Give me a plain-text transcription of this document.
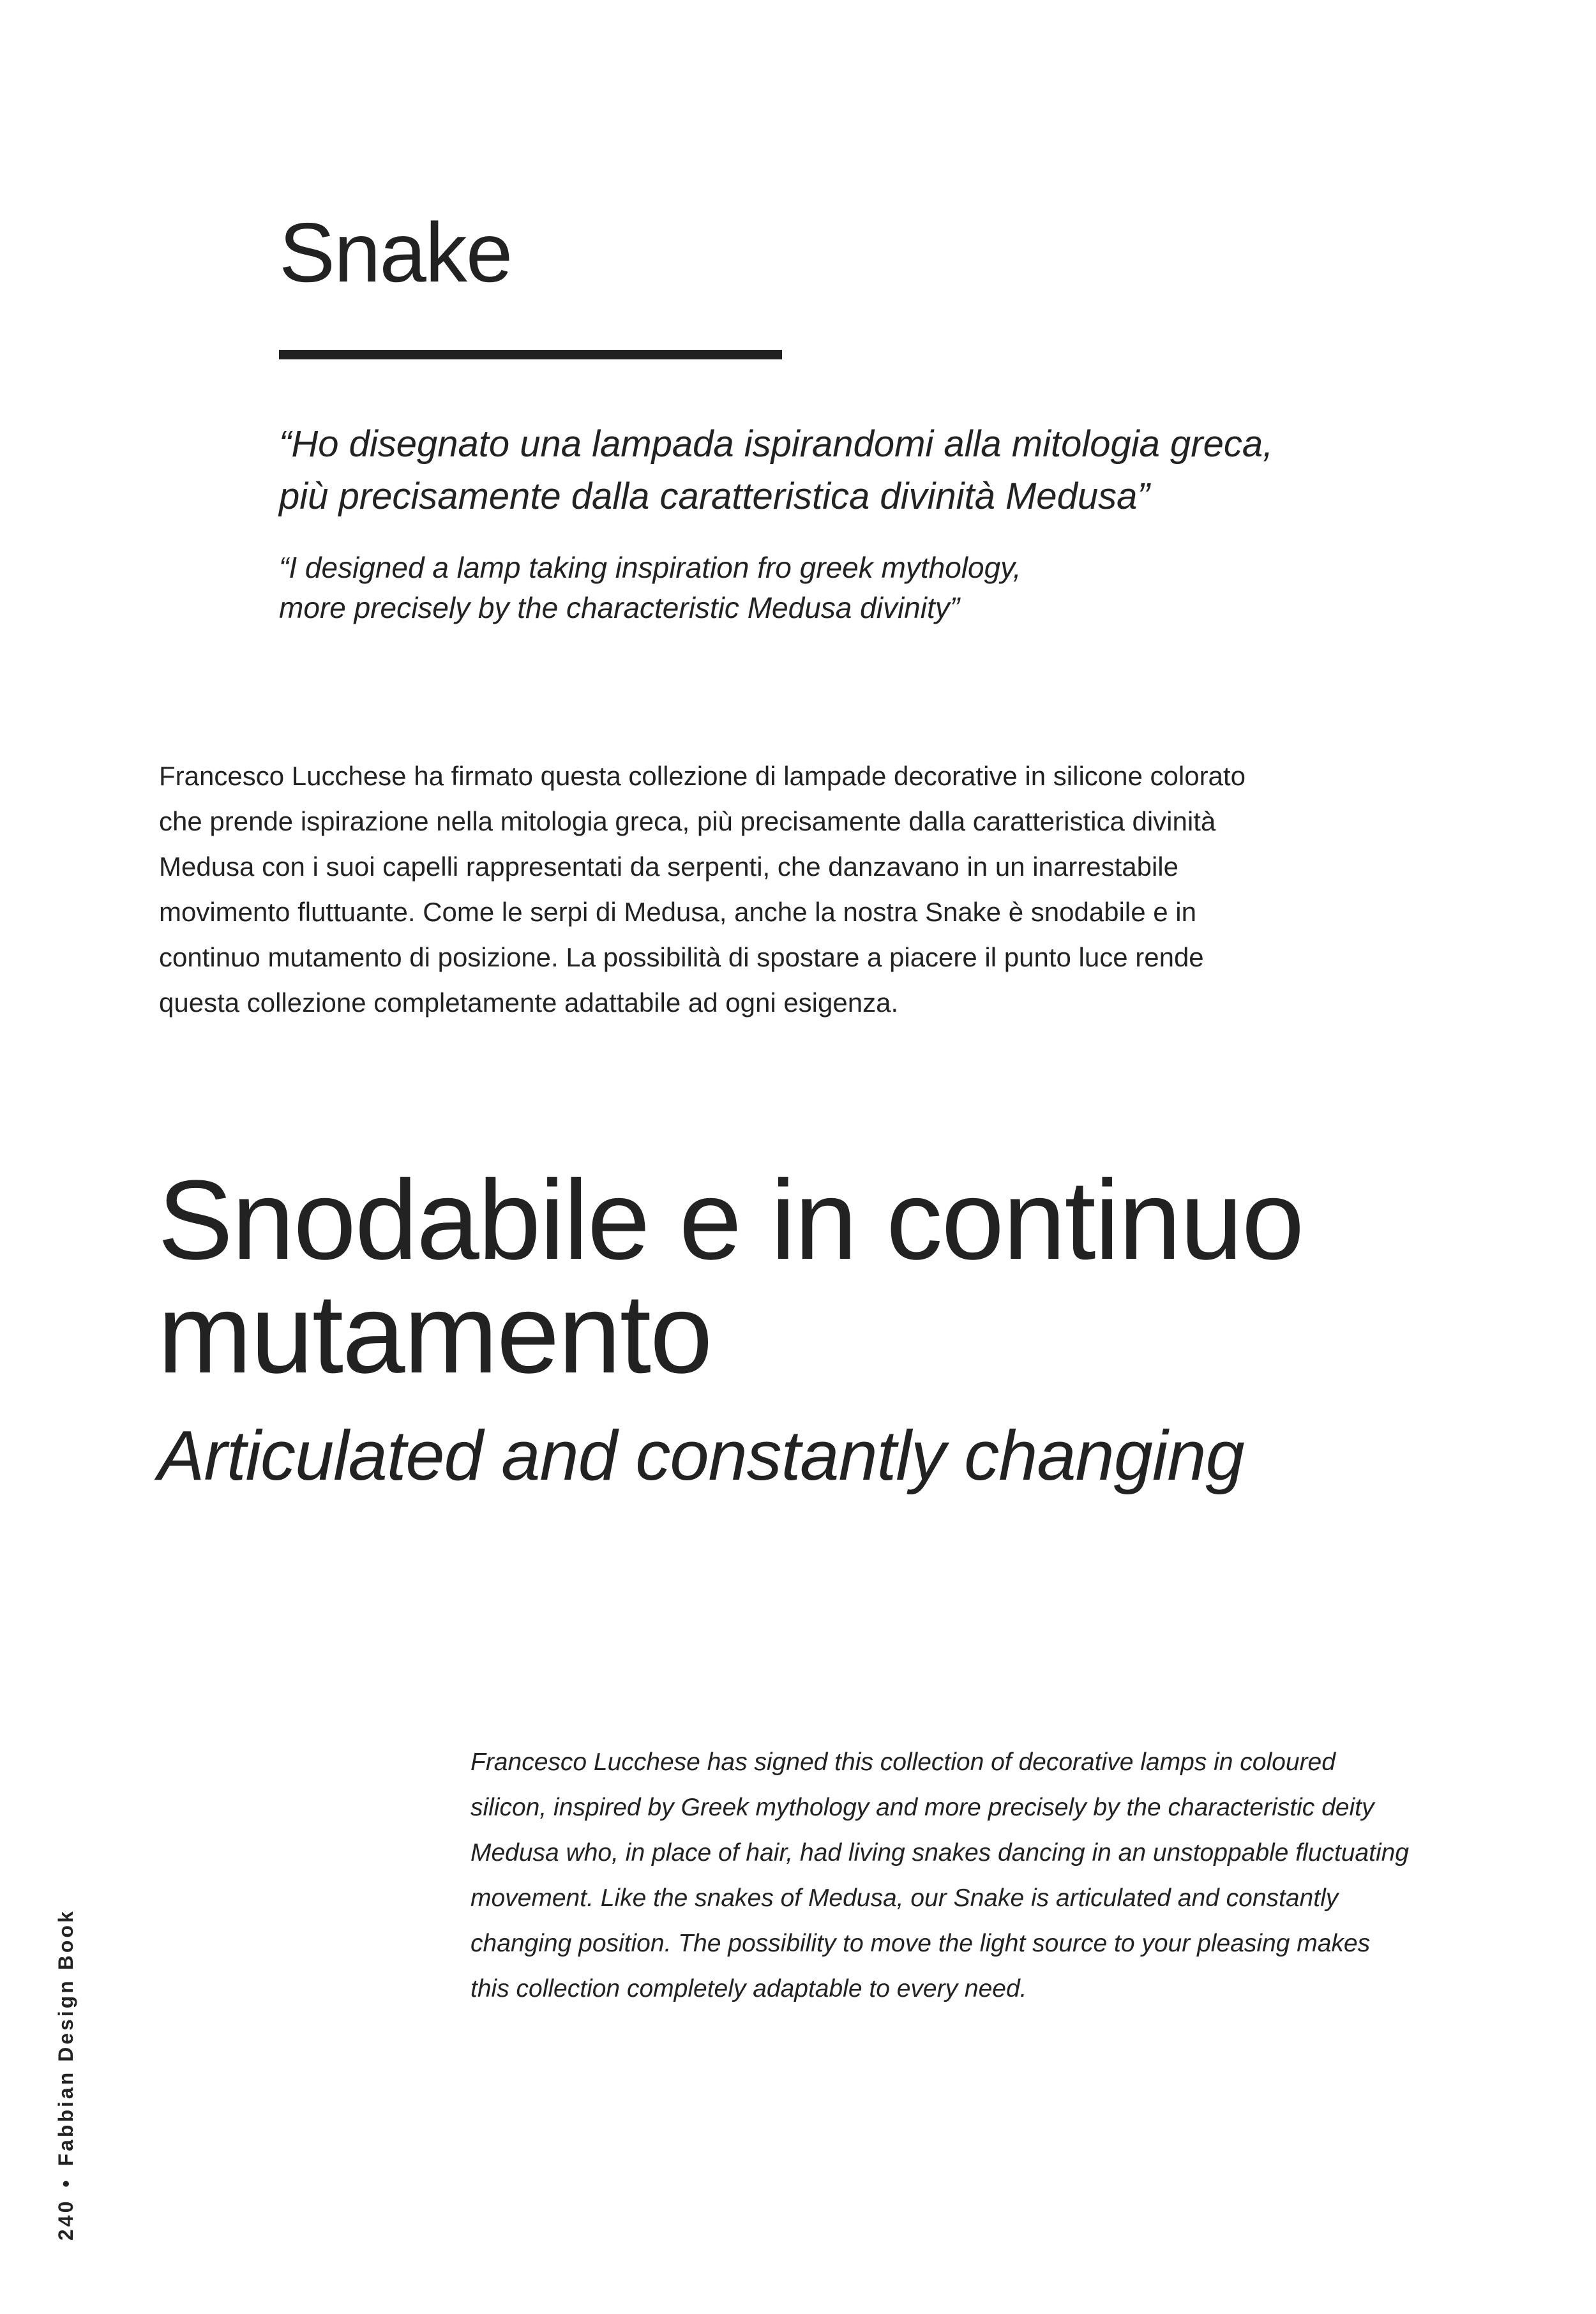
Snake
“Ho disegnato una lampada ispirandomi alla mitologia greca,
più precisamente dalla caratteristica divinità Medusa”
“I designed a lamp taking inspiration fro greek mythology,
more precisely by the characteristic Medusa divinity”
Francesco Lucchese ha firmato questa collezione di lampade decorative in silicone colorato
che prende ispirazione nella mitologia greca, più precisamente dalla caratteristica divinità
Medusa con i suoi capelli rappresentati da serpenti, che danzavano in un inarrestabile
movimento fluttuante. Come le serpi di Medusa, anche la nostra Snake è snodabile e in
continuo mutamento di posizione. La possibilità di spostare a piacere il punto luce rende
questa collezione completamente adattabile ad ogni esigenza.
Snodabile e in continuo
mutamento
Articulated and constantly changing
Francesco Lucchese has signed this collection of decorative lamps in coloured
silicon, inspired by Greek mythology and more precisely by the characteristic deity
Medusa who, in place of hair, had living snakes dancing in an unstoppable fluctuating
movement. Like the snakes of Medusa, our Snake is articulated and constantly
changing position. The possibility to move the light source to your pleasing makes
this collection completely adaptable to every need.
240•Fabbian Design Book
